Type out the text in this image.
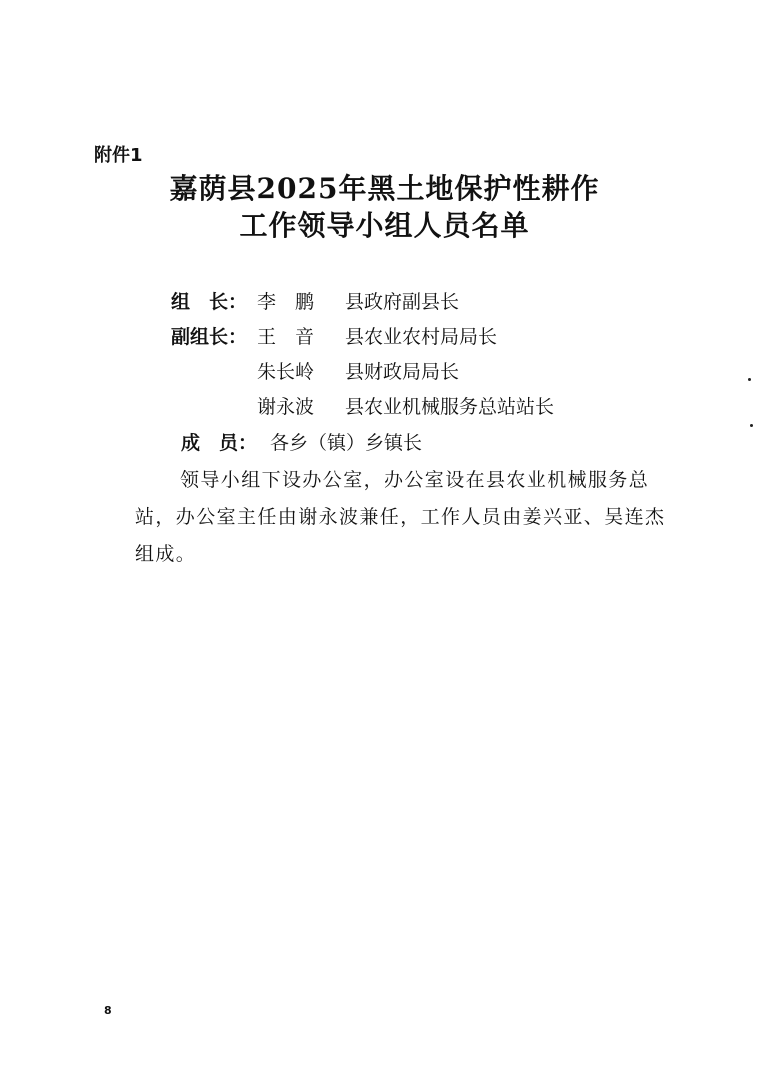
附件1
嘉荫县2025年黑土地保护性耕作
工作领导小组人员名单
组　长： 李　鹏 县政府副县长
副组长： 王　音 县农业农村局局长
朱长岭 县财政局局长
谢永波 县农业机械服务总站站长
成　员： 各乡（镇）乡镇长
领导小组下设办公室，办公室设在县农业机械服务总
站，办公室主任由谢永波兼任，工作人员由姜兴亚、吴连杰
组成。
8
